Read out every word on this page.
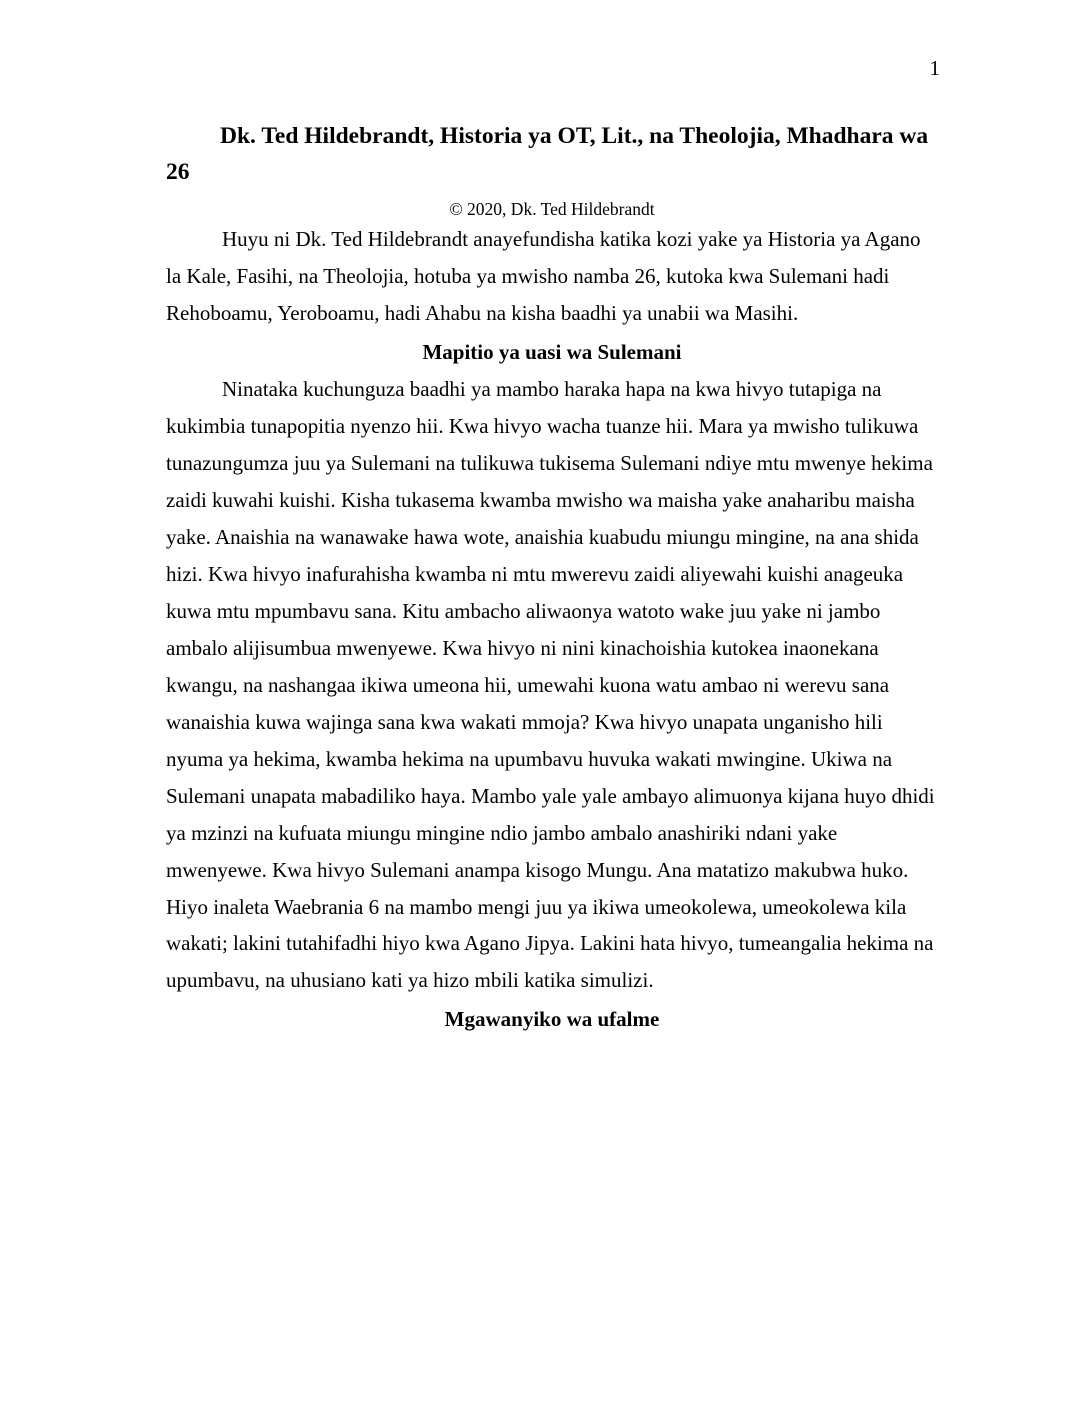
1
Dk. Ted Hildebrandt, Historia ya OT, Lit., na Theolojia, Mhadhara wa 26

© 2020, Dk. Ted Hildebrandt

Huyu ni Dk. Ted Hildebrandt anayefundisha katika kozi yake ya Historia ya Agano la Kale, Fasihi, na Theolojia, hotuba ya mwisho namba 26, kutoka kwa Sulemani hadi Rehoboamu, Yeroboamu, hadi Ahabu na kisha baadhi ya unabii wa Masihi.

Mapitio ya uasi wa Sulemani

Ninataka kuchunguza baadhi ya mambo haraka hapa na kwa hivyo tutapiga na kukimbia tunapopitia nyenzo hii. Kwa hivyo wacha tuanze hii. Mara ya mwisho tulikuwa tunazungumza juu ya Sulemani na tulikuwa tukisema Sulemani ndiye mtu mwenye hekima zaidi kuwahi kuishi. Kisha tukasema kwamba mwisho wa maisha yake anaharibu maisha yake. Anaishia na wanawake hawa wote, anaishia kuabudu miungu mingine, na ana shida hizi. Kwa hivyo inafurahisha kwamba ni mtu mwerevu zaidi aliyewahi kuishi anageuka kuwa mtu mpumbavu sana. Kitu ambacho aliwaonya watoto wake juu yake ni jambo ambalo alijisumbua mwenyewe. Kwa hivyo ni nini kinachoishia kutokea inaonekana kwangu, na nashangaa ikiwa umeona hii, umewahi kuona watu ambao ni werevu sana wanaishia kuwa wajinga sana kwa wakati mmoja? Kwa hivyo unapata unganisho hili nyuma ya hekima, kwamba hekima na upumbavu huvuka wakati mwingine. Ukiwa na Sulemani unapata mabadiliko haya. Mambo yale yale ambayo alimuonya kijana huyo dhidi ya mzinzi na kufuata miungu mingine ndio jambo ambalo anashiriki ndani yake mwenyewe. Kwa hivyo Sulemani anampa kisogo Mungu. Ana matatizo makubwa huko. Hiyo inaleta Waebrania 6 na mambo mengi juu ya ikiwa umeokolewa, umeokolewa kila wakati; lakini tutahifadhi hiyo kwa Agano Jipya. Lakini hata hivyo, tumeangalia hekima na upumbavu, na uhusiano kati ya hizo mbili katika simulizi.

Mgawanyiko wa ufalme
